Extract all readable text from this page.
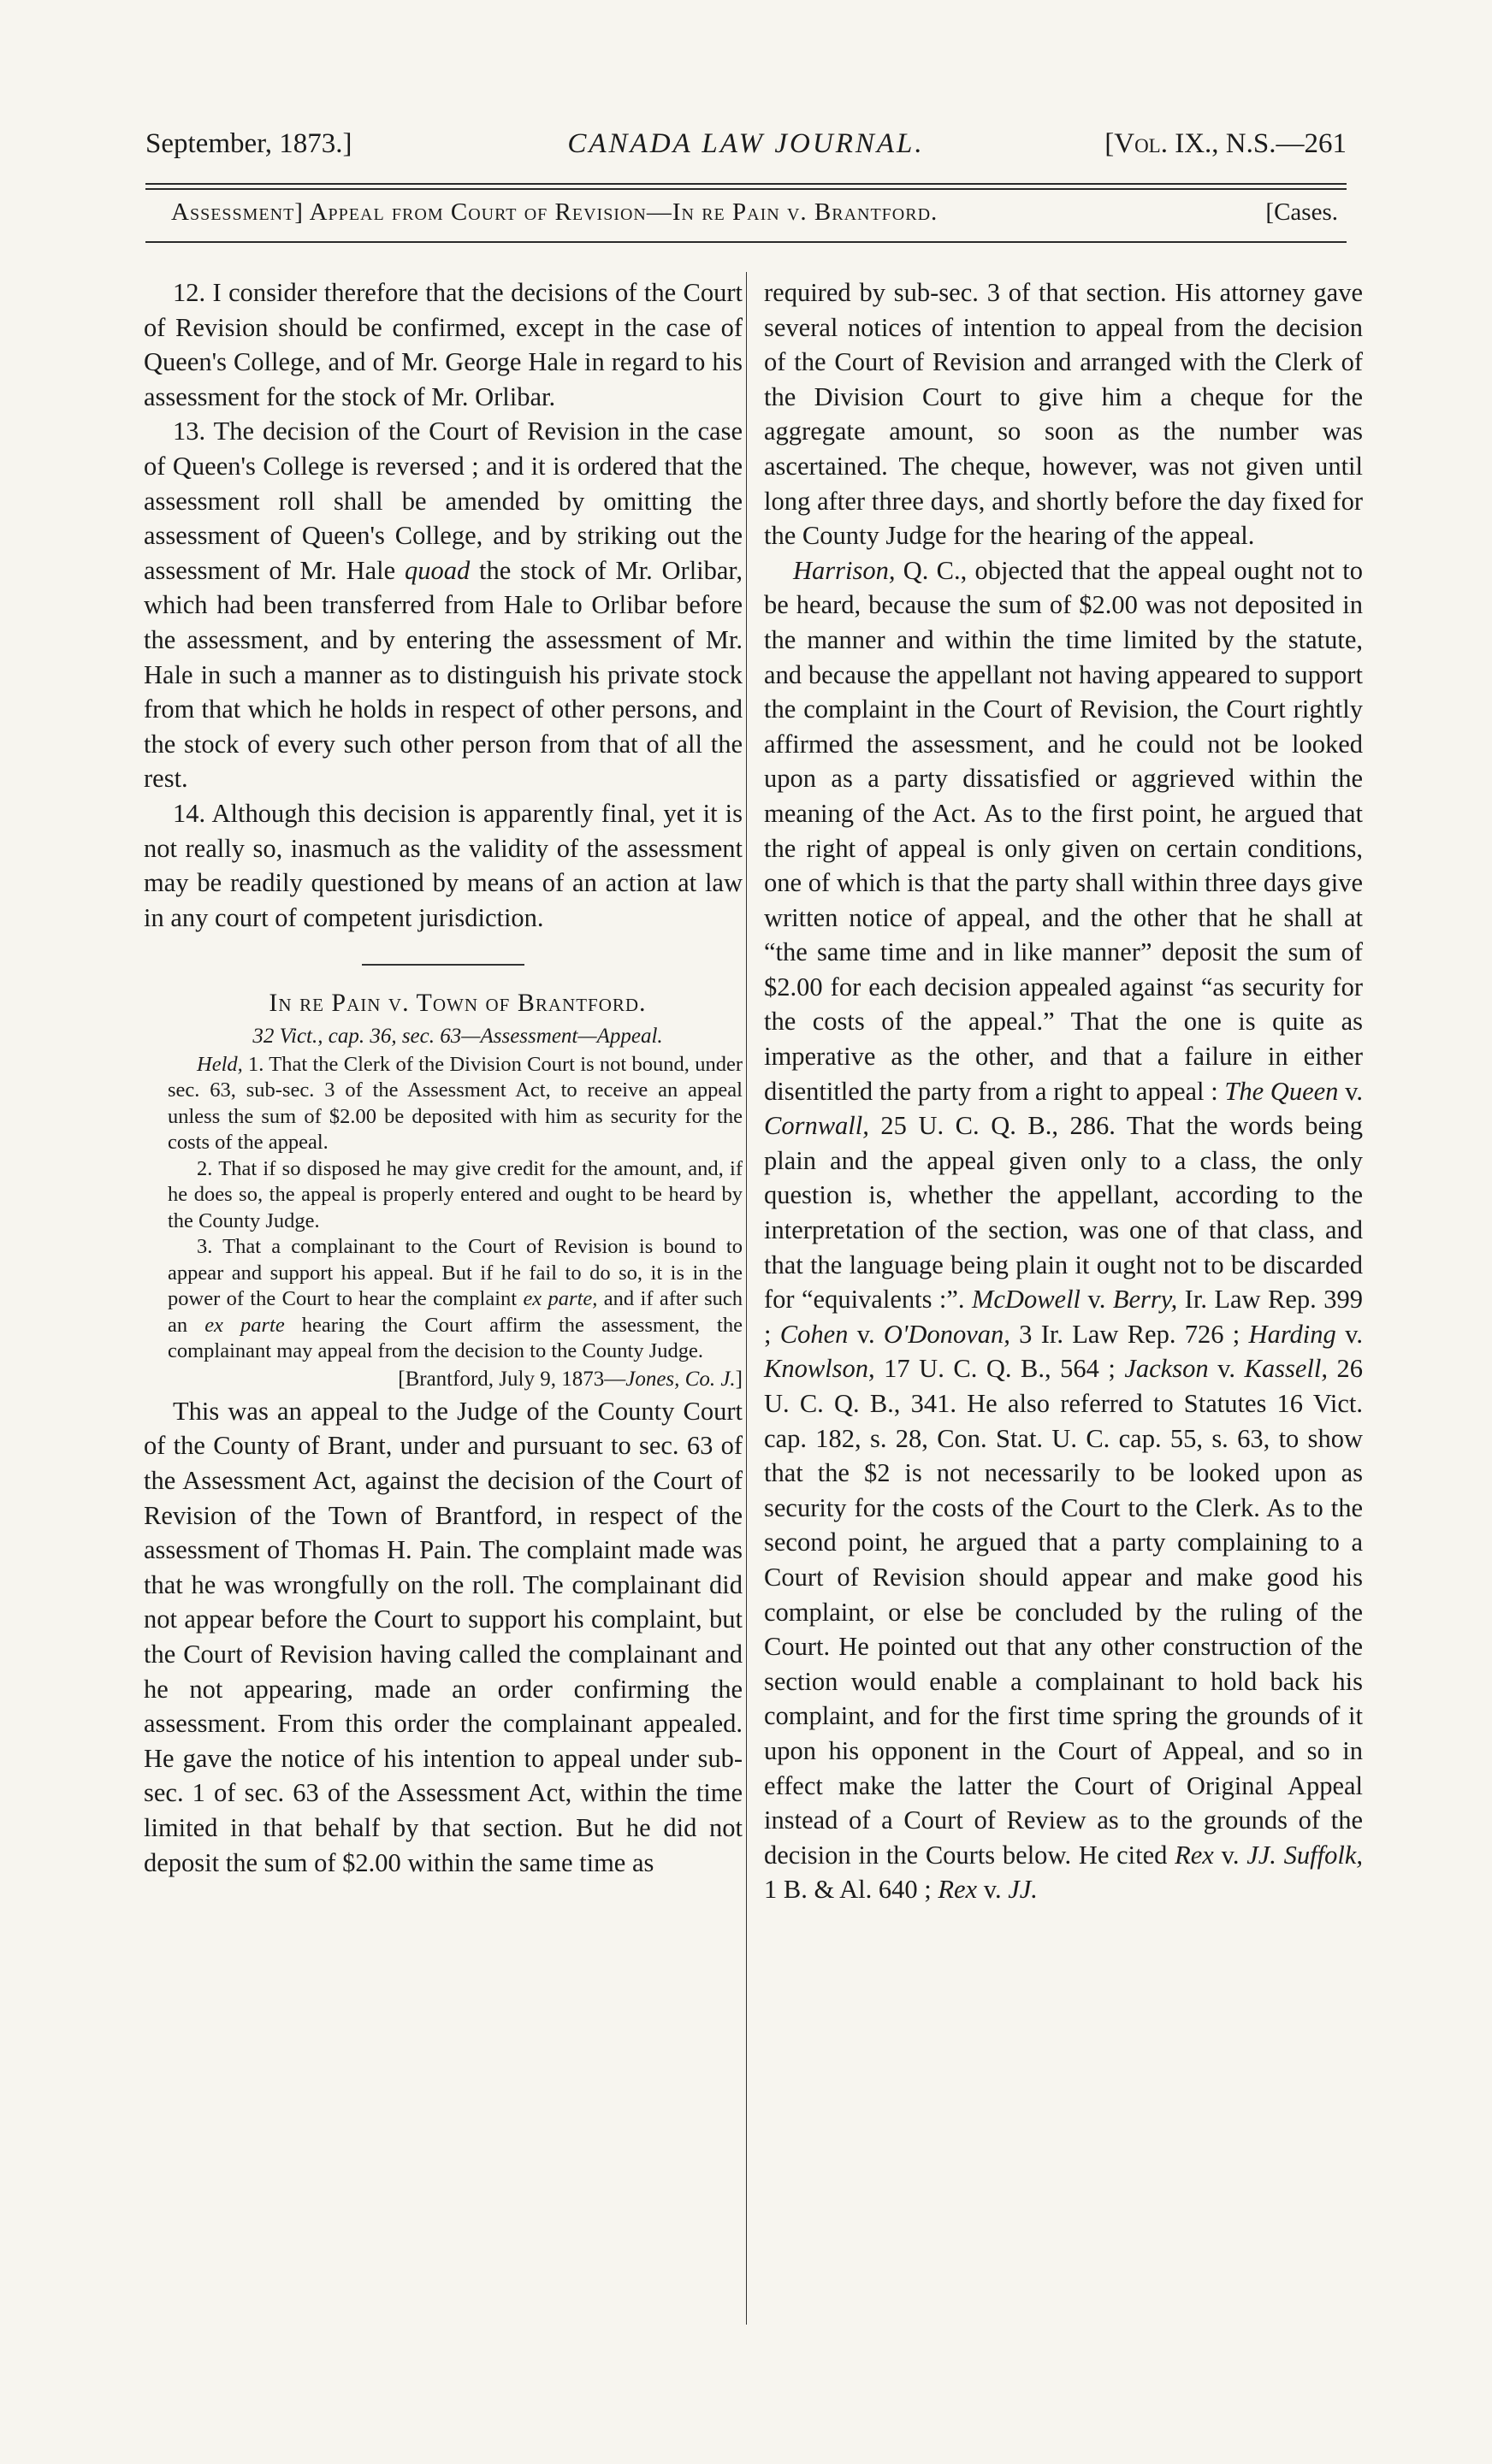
September, 1873.]	CANADA LAW JOURNAL.	[Vol. IX., N.S.—261
Assessment] Appeal from Court of Revision—In re Pain v. Brantford.	[Cases.

12. I consider therefore that the decisions of the Court of Revision should be confirmed, except in the case of Queen's College, and of Mr. George Hale in regard to his assessment for the stock of Mr. Orlibar.

13. The decision of the Court of Revision in the case of Queen's College is reversed ; and it is ordered that the assessment roll shall be amended by omitting the assessment of Queen's College, and by striking out the assessment of Mr. Hale quoad the stock of Mr. Orlibar, which had been transferred from Hale to Orlibar before the assessment, and by entering the assessment of Mr. Hale in such a manner as to distinguish his private stock from that which he holds in respect of other persons, and the stock of every such other person from that of all the rest.

14. Although this decision is apparently final, yet it is not really so, inasmuch as the validity of the assessment may be readily questioned by means of an action at law in any court of competent jurisdiction.

In re Pain v. Town of Brantford.

32 Vict., cap. 36, sec. 63—Assessment—Appeal.

Held, 1. That the Clerk of the Division Court is not bound, under sec. 63, sub-sec. 3 of the Assessment Act, to receive an appeal unless the sum of $2.00 be deposited with him as security for the costs of the appeal.

2. That if so disposed he may give credit for the amount, and, if he does so, the appeal is properly entered and ought to be heard by the County Judge.

3. That a complainant to the Court of Revision is bound to appear and support his appeal. But if he fail to do so, it is in the power of the Court to hear the complaint ex parte, and if after such an ex parte hearing the Court affirm the assessment, the complainant may appeal from the decision to the County Judge.

[Brantford, July 9, 1873—Jones, Co. J.]

This was an appeal to the Judge of the County Court of the County of Brant, under and pursuant to sec. 63 of the Assessment Act, against the decision of the Court of Revision of the Town of Brantford, in respect of the assessment of Thomas H. Pain. The complaint made was that he was wrongfully on the roll. The complainant did not appear before the Court to support his complaint, but the Court of Revision having called the complainant and he not appearing, made an order confirming the assessment. From this order the complainant appealed. He gave the notice of his intention to appeal under sub-sec. 1 of sec. 63 of the Assessment Act, within the time limited in that behalf by that section. But he did not deposit the sum of $2.00 within the same time as

required by sub-sec. 3 of that section. His attorney gave several notices of intention to appeal from the decision of the Court of Revision and arranged with the Clerk of the Division Court to give him a cheque for the aggregate amount, so soon as the number was ascertained. The cheque, however, was not given until long after three days, and shortly before the day fixed for the County Judge for the hearing of the appeal.

Harrison, Q. C., objected that the appeal ought not to be heard, because the sum of $2.00 was not deposited in the manner and within the time limited by the statute, and because the appellant not having appeared to support the complaint in the Court of Revision, the Court rightly affirmed the assessment, and he could not be looked upon as a party dissatisfied or aggrieved within the meaning of the Act. As to the first point, he argued that the right of appeal is only given on certain conditions, one of which is that the party shall within three days give written notice of appeal, and the other that he shall at “the same time and in like manner” deposit the sum of $2.00 for each decision appealed against “as security for the costs of the appeal.” That the one is quite as imperative as the other, and that a failure in either disentitled the party from a right to appeal : The Queen v. Cornwall, 25 U. C. Q. B., 286. That the words being plain and the appeal given only to a class, the only question is, whether the appellant, according to the interpretation of the section, was one of that class, and that the language being plain it ought not to be discarded for “equivalents :”. McDowell v. Berry, Ir. Law Rep. 399 ; Cohen v. O'Donovan, 3 Ir. Law Rep. 726 ; Harding v. Knowlson, 17 U. C. Q. B., 564 ; Jackson v. Kassell, 26 U. C. Q. B., 341. He also referred to Statutes 16 Vict. cap. 182, s. 28, Con. Stat. U. C. cap. 55, s. 63, to show that the $2 is not necessarily to be looked upon as security for the costs of the Court to the Clerk. As to the second point, he argued that a party complaining to a Court of Revision should appear and make good his complaint, or else be concluded by the ruling of the Court. He pointed out that any other construction of the section would enable a complainant to hold back his complaint, and for the first time spring the grounds of it upon his opponent in the Court of Appeal, and so in effect make the latter the Court of Original Appeal instead of a Court of Review as to the grounds of the decision in the Courts below. He cited Rex v. JJ. Suffolk, 1 B. & Al. 640 ; Rex v. JJ.
